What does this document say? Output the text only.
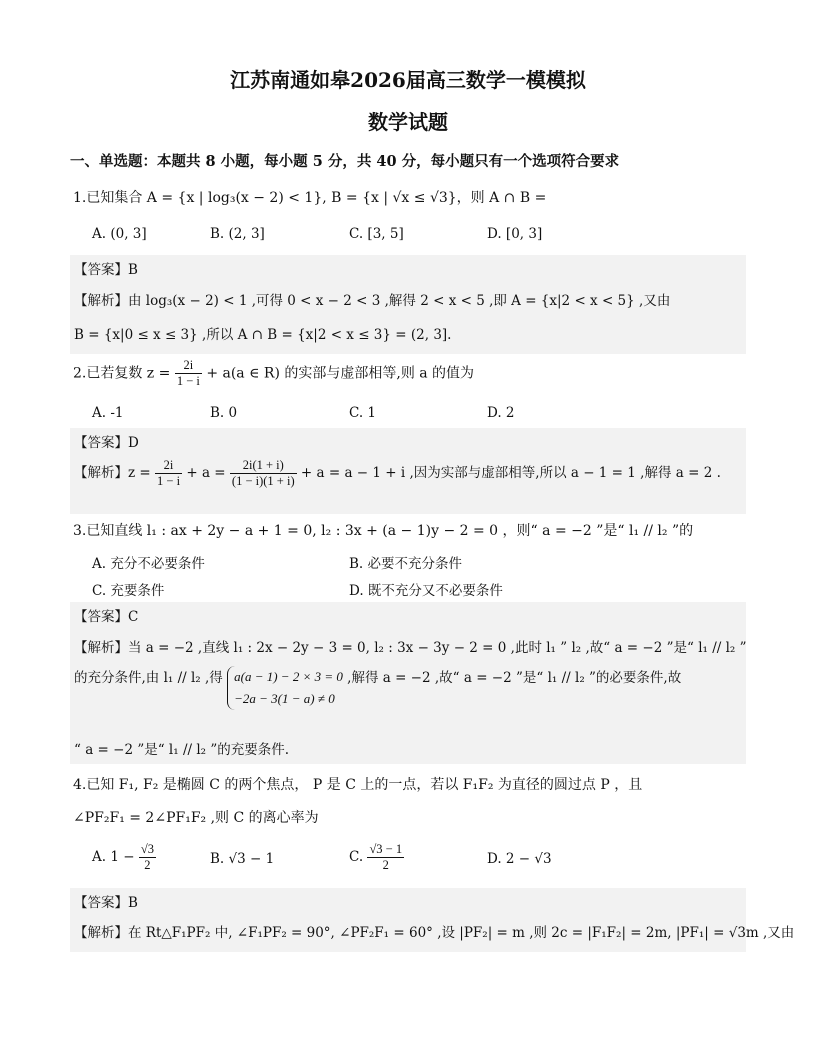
江苏南通如皋2026届高三数学一模模拟
数学试题
一、单选题：本题共 8 小题，每小题 5 分，共 40 分，每小题只有一个选项符合要求
1.已知集合 A = {x | log₃(x − 2) < 1}, B = {x | √x ≤ √3}，则 A ∩ B =
A. (0, 3]	B. (2, 3]	C. [3, 5]	D. [0, 3]
【答案】B
【解析】由 log₃(x − 2) < 1 ,可得 0 < x − 2 < 3 ,解得 2 < x < 5 ,即 A = {x|2 < x < 5} ,又由
B = {x|0 ≤ x ≤ 3} ,所以 A ∩ B = {x|2 < x ≤ 3} = (2, 3].
2.已若复数 $z = \frac{2i}{1 - i} + a(a$ ∈ R) 的实部与虚部相等,则 a 的值为
A. -1	B. 0	C. 1	D. 2
【答案】D
【解析】$z = \frac{2i}{1 - i} + a = \frac{2i(1 + i)}{(1 - i)(1 + i)} + a = a - 1 + i$ ,因为实部与虚部相等,所以 a − 1 = 1 ,解得 a = 2 .
3.已知直线 l₁ : ax + 2y − a + 1 = 0, l₂ : 3x + (a − 1)y − 2 = 0 ，则“ a = −2 ”是“ l₁ // l₂ ”的
A. 充分不必要条件	B. 必要不充分条件
C. 充要条件	D. 既不充分又不必要条件
【答案】C
【解析】当 a = −2 ,直线 l₁ : 2x − 2y − 3 = 0, l₂ : 3x − 3y − 2 = 0 ,此时 l₁ ” l₂ ,故“ a = −2 ”是“ l₁ // l₂ ”
的充分条件,由 l₁ // l₂ ,得 a(a − 1) − 2 × 3 = 0
−2a − 3(1 − a) ≠ 0
,解得 a = −2 ,故“ a = −2 ”是“ l₁ // l₂ ”的必要条件,故
“ a = −2 ”是“ l₁ // l₂ ”的充要条件.
4.已知 F₁, F₂ 是椭圆 C 的两个焦点， P 是 C 上的一点，若以 F₁F₂ 为直径的圆过点 P ，且
∠PF₂F₁ = 2∠PF₁F₂ ,则 C 的离心率为
A. $1 - \frac{√3}{2}$	B. √3 − 1	C. $\frac{√3 - 1}{2}$	D. 2 − √3
【答案】B
【解析】在 Rt△F₁PF₂ 中, ∠F₁PF₂ = 90°, ∠PF₂F₁ = 60° ,设 |PF₂| = m ,则 2c = |F₁F₂| = 2m, |PF₁| = √3m ,又由
